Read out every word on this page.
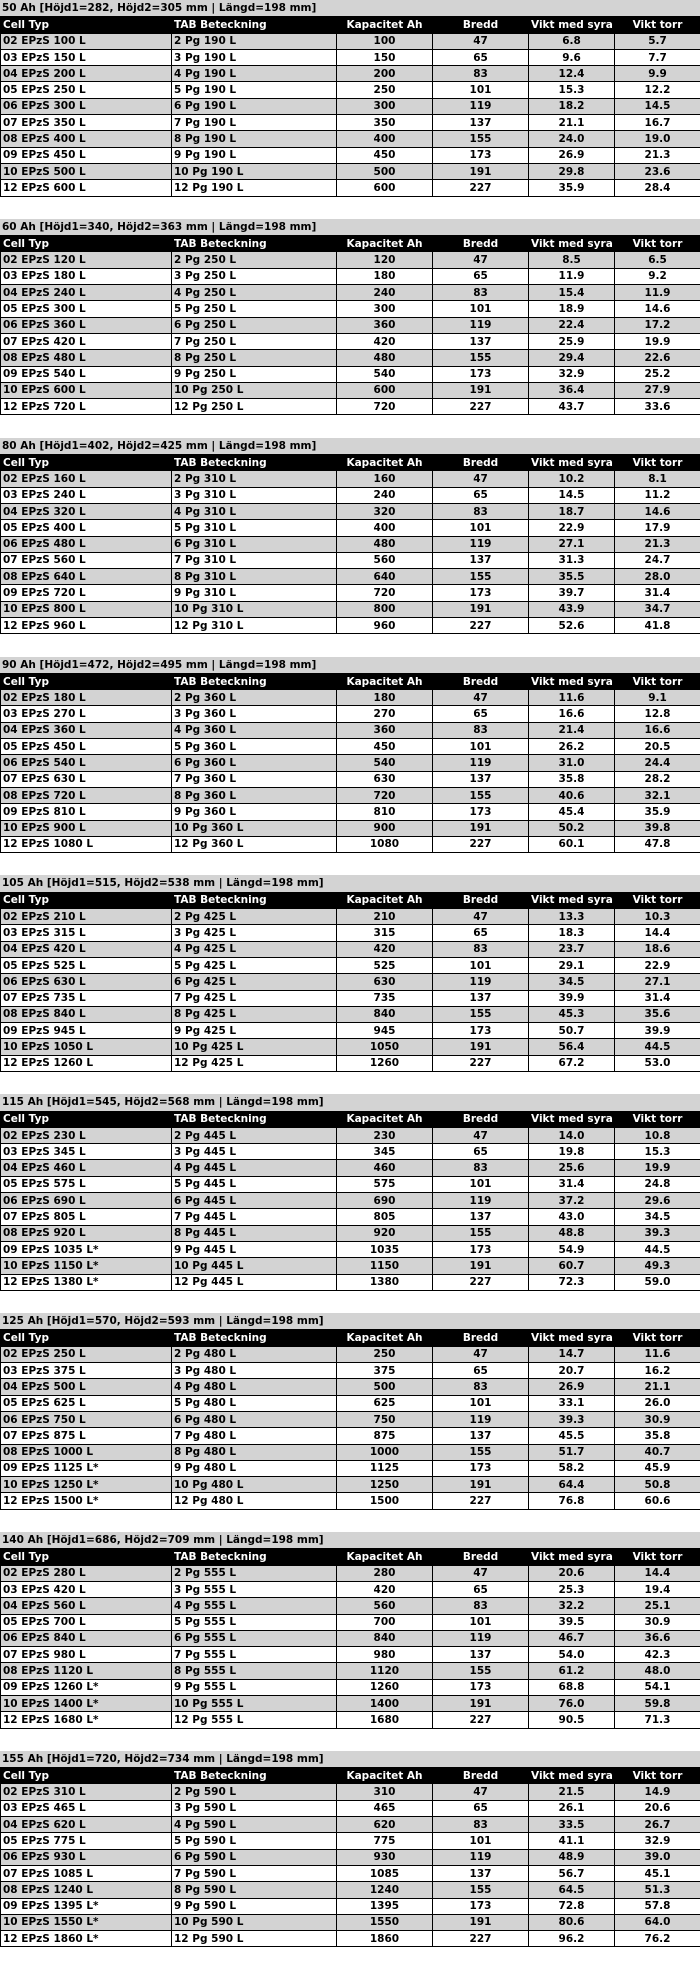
50 Ah [Höjd1=282, Höjd2=305 mm | Längd=198 mm]
Cell Typ	TAB Beteckning	Kapacitet Ah	Bredd	Vikt med syra	Vikt torr
02 EPzS 100 L	2 Pg 190 L	100	47	6.8	5.7
03 EPzS 150 L	3 Pg 190 L	150	65	9.6	7.7
04 EPzS 200 L	4 Pg 190 L	200	83	12.4	9.9
05 EPzS 250 L	5 Pg 190 L	250	101	15.3	12.2
06 EPzS 300 L	6 Pg 190 L	300	119	18.2	14.5
07 EPzS 350 L	7 Pg 190 L	350	137	21.1	16.7
08 EPzS 400 L	8 Pg 190 L	400	155	24.0	19.0
09 EPzS 450 L	9 Pg 190 L	450	173	26.9	21.3
10 EPzS 500 L	10 Pg 190 L	500	191	29.8	23.6
12 EPzS 600 L	12 Pg 190 L	600	227	35.9	28.4
60 Ah [Höjd1=340, Höjd2=363 mm | Längd=198 mm]
Cell Typ	TAB Beteckning	Kapacitet Ah	Bredd	Vikt med syra	Vikt torr
02 EPzS 120 L	2 Pg 250 L	120	47	8.5	6.5
03 EPzS 180 L	3 Pg 250 L	180	65	11.9	9.2
04 EPzS 240 L	4 Pg 250 L	240	83	15.4	11.9
05 EPzS 300 L	5 Pg 250 L	300	101	18.9	14.6
06 EPzS 360 L	6 Pg 250 L	360	119	22.4	17.2
07 EPzS 420 L	7 Pg 250 L	420	137	25.9	19.9
08 EPzS 480 L	8 Pg 250 L	480	155	29.4	22.6
09 EPzS 540 L	9 Pg 250 L	540	173	32.9	25.2
10 EPzS 600 L	10 Pg 250 L	600	191	36.4	27.9
12 EPzS 720 L	12 Pg 250 L	720	227	43.7	33.6
80 Ah [Höjd1=402, Höjd2=425 mm | Längd=198 mm]
Cell Typ	TAB Beteckning	Kapacitet Ah	Bredd	Vikt med syra	Vikt torr
02 EPzS 160 L	2 Pg 310 L	160	47	10.2	8.1
03 EPzS 240 L	3 Pg 310 L	240	65	14.5	11.2
04 EPzS 320 L	4 Pg 310 L	320	83	18.7	14.6
05 EPzS 400 L	5 Pg 310 L	400	101	22.9	17.9
06 EPzS 480 L	6 Pg 310 L	480	119	27.1	21.3
07 EPzS 560 L	7 Pg 310 L	560	137	31.3	24.7
08 EPzS 640 L	8 Pg 310 L	640	155	35.5	28.0
09 EPzS 720 L	9 Pg 310 L	720	173	39.7	31.4
10 EPzS 800 L	10 Pg 310 L	800	191	43.9	34.7
12 EPzS 960 L	12 Pg 310 L	960	227	52.6	41.8
90 Ah [Höjd1=472, Höjd2=495 mm | Längd=198 mm]
Cell Typ	TAB Beteckning	Kapacitet Ah	Bredd	Vikt med syra	Vikt torr
02 EPzS 180 L	2 Pg 360 L	180	47	11.6	9.1
03 EPzS 270 L	3 Pg 360 L	270	65	16.6	12.8
04 EPzS 360 L	4 Pg 360 L	360	83	21.4	16.6
05 EPzS 450 L	5 Pg 360 L	450	101	26.2	20.5
06 EPzS 540 L	6 Pg 360 L	540	119	31.0	24.4
07 EPzS 630 L	7 Pg 360 L	630	137	35.8	28.2
08 EPzS 720 L	8 Pg 360 L	720	155	40.6	32.1
09 EPzS 810 L	9 Pg 360 L	810	173	45.4	35.9
10 EPzS 900 L	10 Pg 360 L	900	191	50.2	39.8
12 EPzS 1080 L	12 Pg 360 L	1080	227	60.1	47.8
105 Ah [Höjd1=515, Höjd2=538 mm | Längd=198 mm]
Cell Typ	TAB Beteckning	Kapacitet Ah	Bredd	Vikt med syra	Vikt torr
02 EPzS 210 L	2 Pg 425 L	210	47	13.3	10.3
03 EPzS 315 L	3 Pg 425 L	315	65	18.3	14.4
04 EPzS 420 L	4 Pg 425 L	420	83	23.7	18.6
05 EPzS 525 L	5 Pg 425 L	525	101	29.1	22.9
06 EPzS 630 L	6 Pg 425 L	630	119	34.5	27.1
07 EPzS 735 L	7 Pg 425 L	735	137	39.9	31.4
08 EPzS 840 L	8 Pg 425 L	840	155	45.3	35.6
09 EPzS 945 L	9 Pg 425 L	945	173	50.7	39.9
10 EPzS 1050 L	10 Pg 425 L	1050	191	56.4	44.5
12 EPzS 1260 L	12 Pg 425 L	1260	227	67.2	53.0
115 Ah [Höjd1=545, Höjd2=568 mm | Längd=198 mm]
Cell Typ	TAB Beteckning	Kapacitet Ah	Bredd	Vikt med syra	Vikt torr
02 EPzS 230 L	2 Pg 445 L	230	47	14.0	10.8
03 EPzS 345 L	3 Pg 445 L	345	65	19.8	15.3
04 EPzS 460 L	4 Pg 445 L	460	83	25.6	19.9
05 EPzS 575 L	5 Pg 445 L	575	101	31.4	24.8
06 EPzS 690 L	6 Pg 445 L	690	119	37.2	29.6
07 EPzS 805 L	7 Pg 445 L	805	137	43.0	34.5
08 EPzS 920 L	8 Pg 445 L	920	155	48.8	39.3
09 EPzS 1035 L*	9 Pg 445 L	1035	173	54.9	44.5
10 EPzS 1150 L*	10 Pg 445 L	1150	191	60.7	49.3
12 EPzS 1380 L*	12 Pg 445 L	1380	227	72.3	59.0
125 Ah [Höjd1=570, Höjd2=593 mm | Längd=198 mm]
Cell Typ	TAB Beteckning	Kapacitet Ah	Bredd	Vikt med syra	Vikt torr
02 EPzS 250 L	2 Pg 480 L	250	47	14.7	11.6
03 EPzS 375 L	3 Pg 480 L	375	65	20.7	16.2
04 EPzS 500 L	4 Pg 480 L	500	83	26.9	21.1
05 EPzS 625 L	5 Pg 480 L	625	101	33.1	26.0
06 EPzS 750 L	6 Pg 480 L	750	119	39.3	30.9
07 EPzS 875 L	7 Pg 480 L	875	137	45.5	35.8
08 EPzS 1000 L	8 Pg 480 L	1000	155	51.7	40.7
09 EPzS 1125 L*	9 Pg 480 L	1125	173	58.2	45.9
10 EPzS 1250 L*	10 Pg 480 L	1250	191	64.4	50.8
12 EPzS 1500 L*	12 Pg 480 L	1500	227	76.8	60.6
140 Ah [Höjd1=686, Höjd2=709 mm | Längd=198 mm]
Cell Typ	TAB Beteckning	Kapacitet Ah	Bredd	Vikt med syra	Vikt torr
02 EPzS 280 L	2 Pg 555 L	280	47	20.6	14.4
03 EPzS 420 L	3 Pg 555 L	420	65	25.3	19.4
04 EPzS 560 L	4 Pg 555 L	560	83	32.2	25.1
05 EPzS 700 L	5 Pg 555 L	700	101	39.5	30.9
06 EPzS 840 L	6 Pg 555 L	840	119	46.7	36.6
07 EPzS 980 L	7 Pg 555 L	980	137	54.0	42.3
08 EPzS 1120 L	8 Pg 555 L	1120	155	61.2	48.0
09 EPzS 1260 L*	9 Pg 555 L	1260	173	68.8	54.1
10 EPzS 1400 L*	10 Pg 555 L	1400	191	76.0	59.8
12 EPzS 1680 L*	12 Pg 555 L	1680	227	90.5	71.3
155 Ah [Höjd1=720, Höjd2=734 mm | Längd=198 mm]
Cell Typ	TAB Beteckning	Kapacitet Ah	Bredd	Vikt med syra	Vikt torr
02 EPzS 310 L	2 Pg 590 L	310	47	21.5	14.9
03 EPzS 465 L	3 Pg 590 L	465	65	26.1	20.6
04 EPzS 620 L	4 Pg 590 L	620	83	33.5	26.7
05 EPzS 775 L	5 Pg 590 L	775	101	41.1	32.9
06 EPzS 930 L	6 Pg 590 L	930	119	48.9	39.0
07 EPzS 1085 L	7 Pg 590 L	1085	137	56.7	45.1
08 EPzS 1240 L	8 Pg 590 L	1240	155	64.5	51.3
09 EPzS 1395 L*	9 Pg 590 L	1395	173	72.8	57.8
10 EPzS 1550 L*	10 Pg 590 L	1550	191	80.6	64.0
12 EPzS 1860 L*	12 Pg 590 L	1860	227	96.2	76.2
